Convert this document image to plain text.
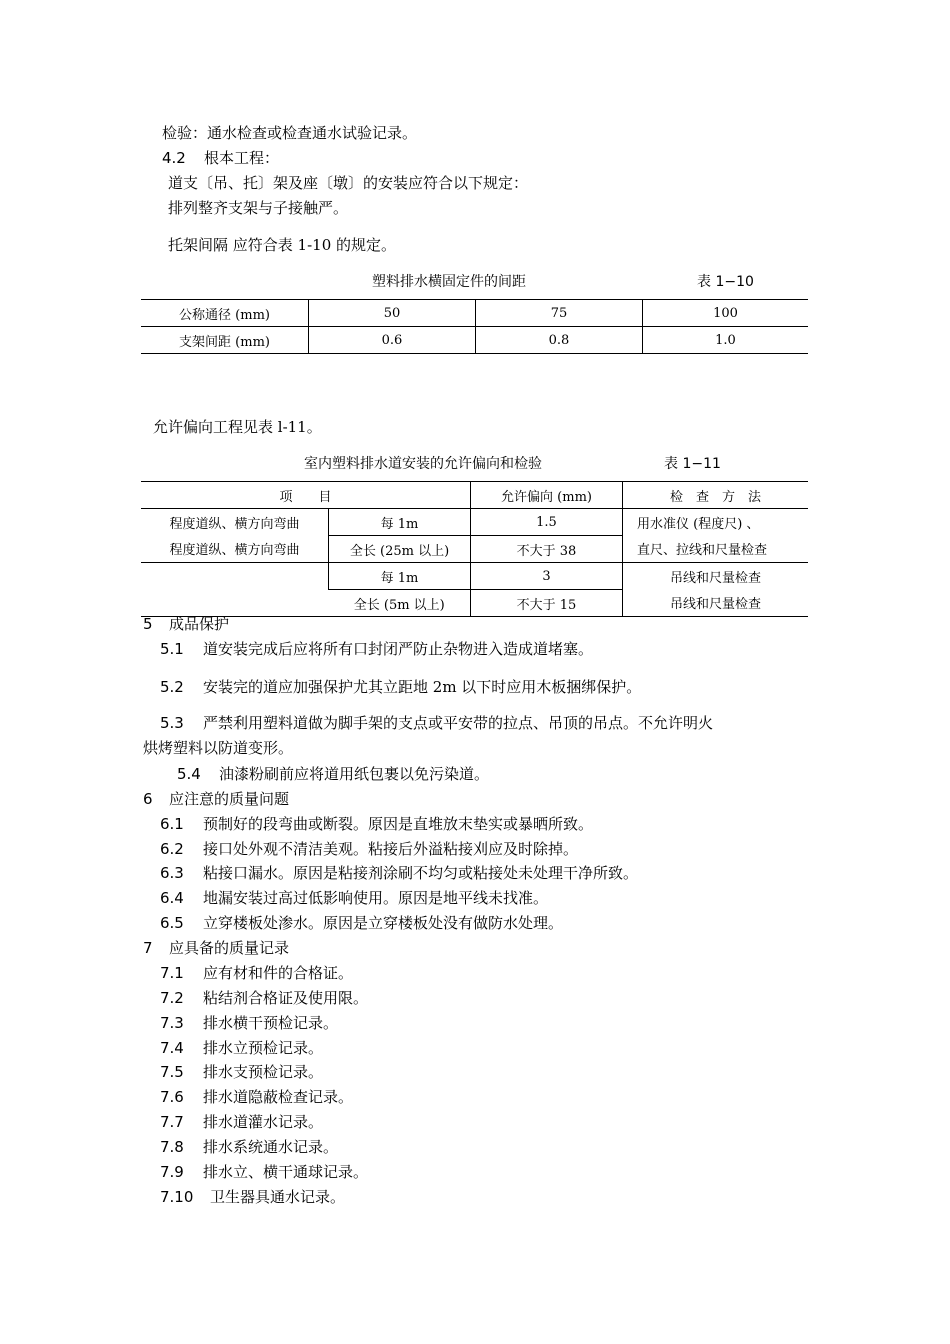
检验：通水检查或检查通水试验记录。
4.2 根本工程：
道支〔吊、托〕架及座〔墩〕的安装应符合以下规定：
排列整齐支架与子接触严。
托架间隔 应符合表 1-10 的规定。
塑料排水横固定件的间距	表 1−10
公称通径 (mm)	50	75	100
支架间距 (mm)	0.6	0.8	1.0
允许偏向工程见表 l-11。
室内塑料排水道安装的允许偏向和检验	表 1−11
项　　目		允许偏向 (mm)	检　查　方　法
程度道纵、横方向弯曲	每 1m	1.5	用水准仪 (程度尺) 、
程度道纵、横方向弯曲	全长 (25m 以上)	不大于 38	直尺、拉线和尺量检查
	每 1m	3	吊线和尺量检查
	全长 (5m 以上)	不大于 15	吊线和尺量检查
5 成品保护
5.1 道安装完成后应将所有口封闭严防止杂物进入造成道堵塞。
5.2 安装完的道应加强保护尤其立距地 2m 以下时应用木板捆绑保护。
5.3 严禁利用塑料道做为脚手架的支点或平安带的拉点、吊顶的吊点。不允许明火
烘烤塑料以防道变形。
5.4 油漆粉刷前应将道用纸包裹以免污染道。
6 应注意的质量问题
6.1 预制好的段弯曲或断裂。原因是直堆放末垫实或暴晒所致。
6.2 接口处外观不清洁美观。粘接后外溢粘接刈应及时除掉。
6.3 粘接口漏水。原因是粘接剂涂刷不均匀或粘接处未处理干净所致。
6.4 地漏安装过高过低影响使用。原因是地平线未找准。
6.5 立穿楼板处渗水。原因是立穿楼板处没有做防水处理。
7 应具备的质量记录
7.1 应有材和件的合格证。
7.2 粘结剂合格证及使用限。
7.3 排水横干预检记录。
7.4 排水立预检记录。
7.5 排水支预检记录。
7.6 排水道隐蔽检查记录。
7.7 排水道灌水记录。
7.8 排水系统通水记录。
7.9 排水立、横干通球记录。
7.10 卫生器具通水记录。
